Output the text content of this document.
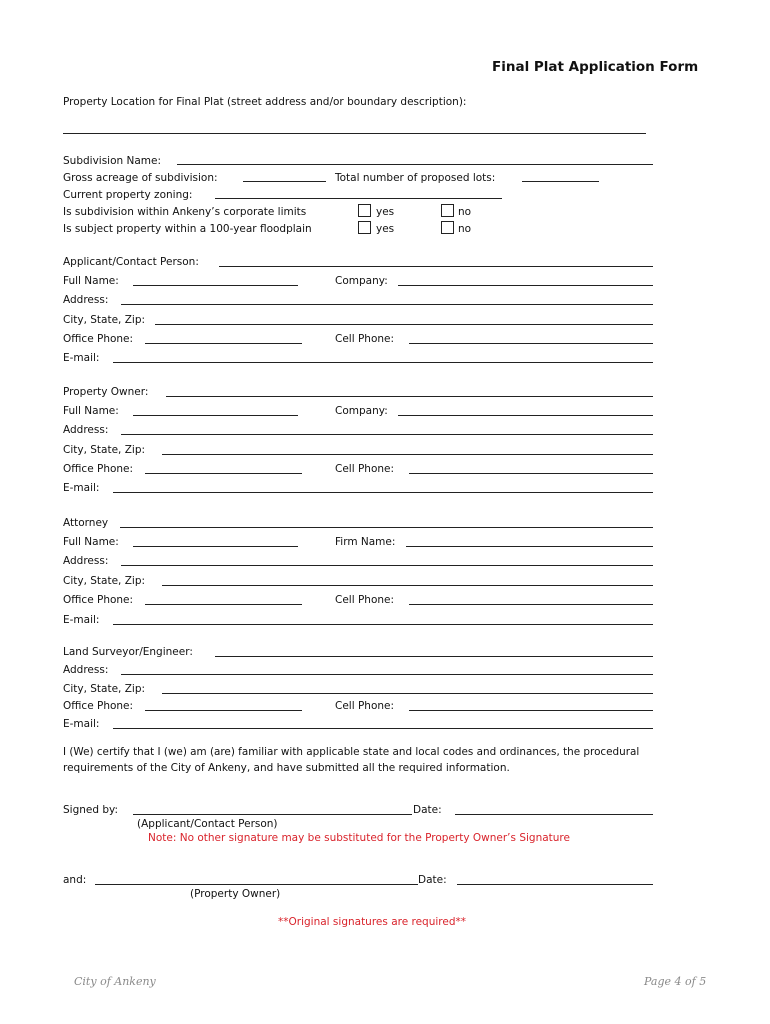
Final Plat Application Form
Property Location for Final Plat (street address and/or boundary description):
Subdivision Name:
Gross acreage of subdivision:	Total number of proposed lots:
Current property zoning:
Is subdivision within Ankeny’s corporate limits	yes	no
Is subject property within a 100-year floodplain	yes	no
Applicant/Contact Person:
Full Name:	Company:
Address:
City, State, Zip:
Office Phone:	Cell Phone:
E-mail:
Property Owner:
Full Name:	Company:
Address:
City, State, Zip:
Office Phone:	Cell Phone:
E-mail:
Attorney
Full Name:	Firm Name:
Address:
City, State, Zip:
Office Phone:	Cell Phone:
E-mail:
Land Surveyor/Engineer:
Address:
City, State, Zip:
Office Phone:	Cell Phone:
E-mail:
I (We) certify that I (we) am (are) familiar with applicable state and local codes and ordinances, the procedural
requirements of the City of Ankeny, and have submitted all the required information.
Signed by:	Date:
(Applicant/Contact Person)
Note: No other signature may be substituted for the Property Owner’s Signature
and:	Date:
(Property Owner)
**Original signatures are required**
City of Ankeny	Page 4 of 5
